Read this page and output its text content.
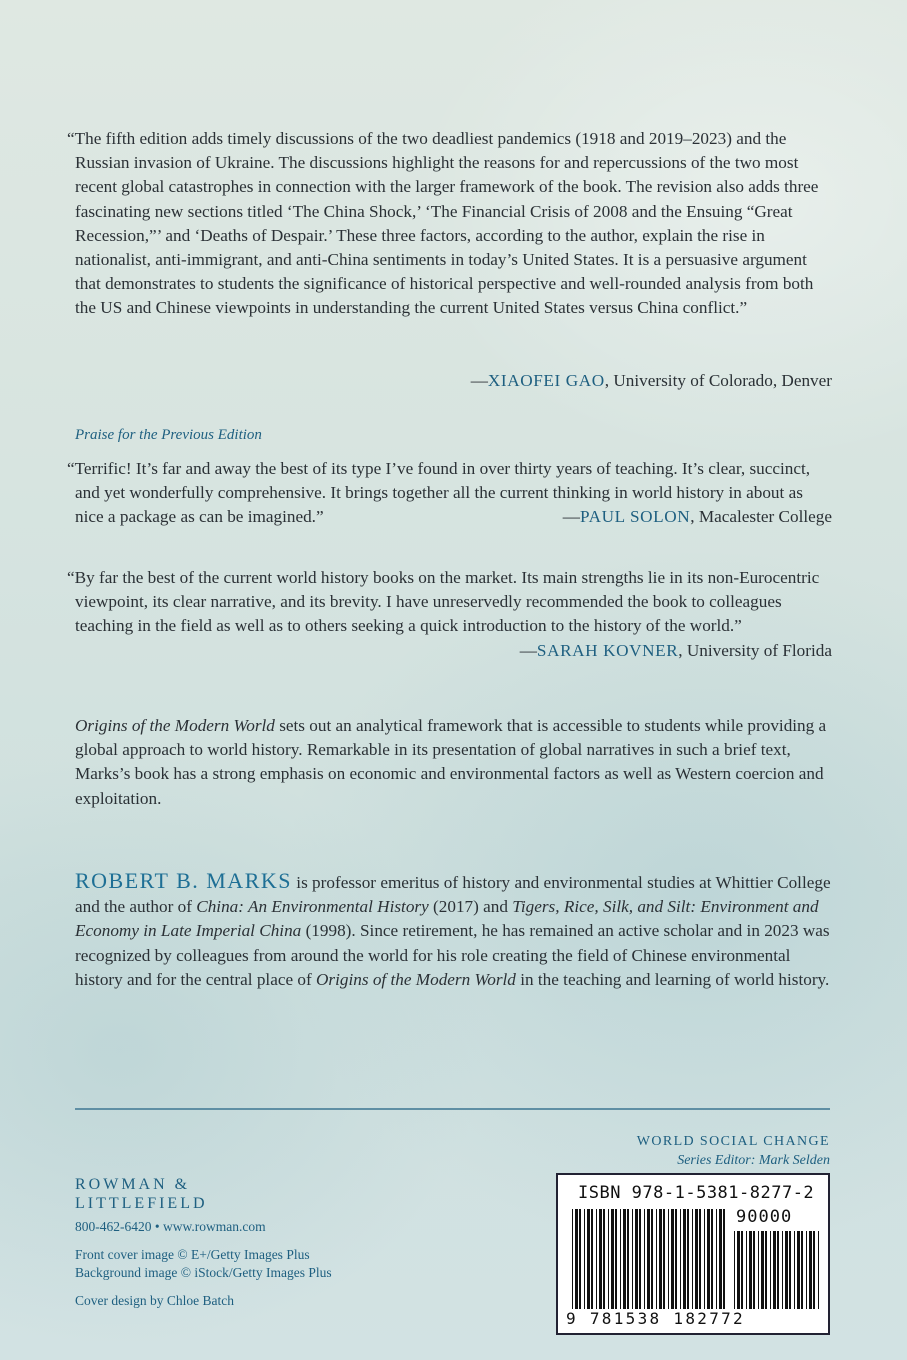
“The fifth edition adds timely discussions of the two deadliest pandemics (1918 and 2019–2023) and the Russian invasion of Ukraine. The discussions highlight the reasons for and repercussions of the two most recent global catastrophes in connection with the larger framework of the book. The revision also adds three fascinating new sections titled ‘The China Shock,’ ‘The Financial Crisis of 2008 and the Ensuing “Great Recession,”’ and ‘Deaths of Despair.’ These three factors, according to the author, explain the rise in nationalist, anti-immigrant, and anti-China sentiments in today’s United States. It is a persuasive argument that demonstrates to students the significance of historical perspective and well-rounded analysis from both the US and Chinese viewpoints in understanding the current United States versus China conflict.”
—XIAOFEI GAO, University of Colorado, Denver
Praise for the Previous Edition
“Terrific! It’s far and away the best of its type I’ve found in over thirty years of teaching. It’s clear, succinct, and yet wonderfully comprehensive. It brings together all the current thinking in world history in about as nice a package as can be imagined.”	—PAUL SOLON, Macalester College
“By far the best of the current world history books on the market. Its main strengths lie in its non-Eurocentric viewpoint, its clear narrative, and its brevity. I have unreservedly recommended the book to colleagues teaching in the field as well as to others seeking a quick introduction to the history of the world.”
—SARAH KOVNER, University of Florida
Origins of the Modern World sets out an analytical framework that is accessible to students while providing a global approach to world history. Remarkable in its presentation of global narratives in such a brief text, Marks’s book has a strong emphasis on economic and environmental factors as well as Western coercion and exploitation.
ROBERT B. MARKS is professor emeritus of history and environmental studies at Whittier College and the author of China: An Environmental History (2017) and Tigers, Rice, Silk, and Silt: Environment and Economy in Late Imperial China (1998). Since retirement, he has remained an active scholar and in 2023 was recognized by colleagues from around the world for his role creating the field of Chinese environmental history and for the central place of Origins of the Modern World in the teaching and learning of world history.
WORLD SOCIAL CHANGE
Series Editor: Mark Selden
ROWMAN &
LITTLEFIELD
800-462-6420 • www.rowman.com
Front cover image © E+/Getty Images Plus
Background image © iStock/Getty Images Plus
Cover design by Chloe Batch
ISBN 978-1-5381-8277-2
90000
9 781538 182772
